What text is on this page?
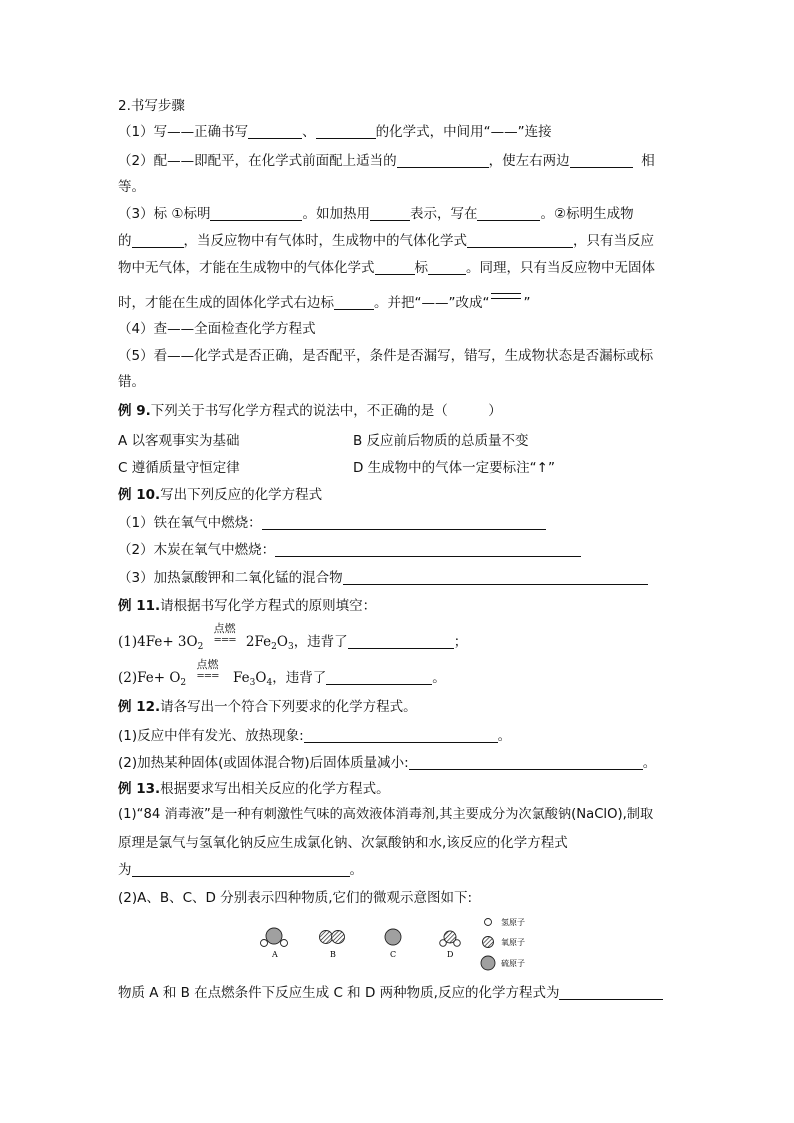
2.书写步骤
（1）写——正确书写	、	的化学式，中间用“——”连接
（2）配——即配平，在化学式前面配上适当的	，使左右两边	相
等。
（3）标 ①标明	。如加热用	表示，写在	。②标明生成物
的	，当反应物中有气体时，生成物中的气体化学式	，只有当反应
物中无气体，才能在生成物中的气体化学式	标	。同理，只有当反应物中无固体
时，才能在生成的固体化学式右边标	。并把“——”改成“	”
（4）查——全面检查化学方程式
（5）看——化学式是否正确，是否配平，条件是否漏写，错写，生成物状态是否漏标或标
错。
例 9.下列关于书写化学方程式的说法中，不正确的是（　　　）
A 以客观事实为基础	B 反应前后物质的总质量不变
C 遵循质量守恒定律	D 生成物中的气体一定要标注“↑”
例 10.写出下列反应的化学方程式
（1）铁在氧气中燃烧：
（2）木炭在氧气中燃烧：
（3）加热氯酸钾和二氧化锰的混合物
例 11.请根据书写化学方程式的原则填空：
$(1)4Fe+ 3O_2$
点燃
=== $2Fe_2O_3$，违背了	；
$(2)Fe+ O_2$
点燃
=== $Fe_3O_4$，违背了	。
例 12.请各写出一个符合下列要求的化学方程式。
(1)反应中伴有发光、放热现象:	。
(2)加热某种固体(或固体混合物)后固体质量减小:	。
例 13.根据要求写出相关反应的化学方程式。
(1)“84 消毒液”是一种有刺激性气味的高效液体消毒剂,其主要成分为次氯酸钠(NaClO),制取
原理是氯气与氢氧化钠反应生成氯化钠、次氯酸钠和水,该反应的化学方程式
为	。
(2)A、B、C、D 分别表示四种物质,它们的微观示意图如下:
A	B	C	D
氢原子
氧原子
硫原子
物质 A 和 B 在点燃条件下反应生成 C 和 D 两种物质,反应的化学方程式为
